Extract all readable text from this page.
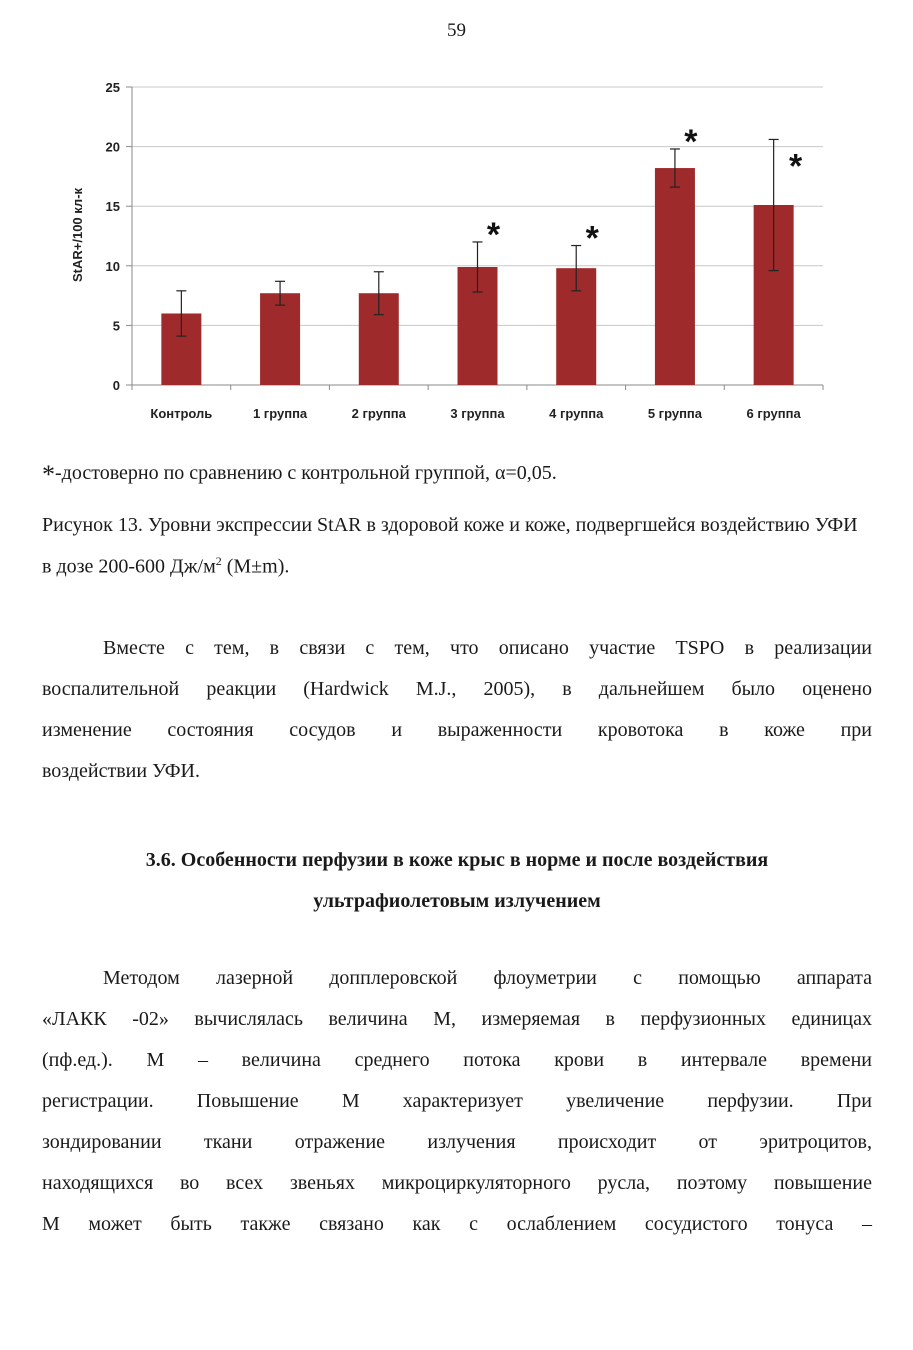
59
0
5
10
15
20
25
Контроль	1 группа	2 группа	3 группа
*
4 группа
*
5 группа
*
6 группа
*
StAR+/100 кл-к
*-достоверно по сравнению с контрольной группой, α=0,05.
Рисунок 13. Уровни экспрессии StAR в здоровой коже и коже, подвергшейся воздействию УФИ в дозе 200-600 $Дж/м^2$ (M±m).
Вместе с тем, в связи с тем, что описано участие TSPO в реализации
воспалительной реакции (Hardwick M.J., 2005), в дальнейшем было оценено
изменение состояния сосудов и выраженности кровотока в коже при
воздействии УФИ.
3.6. Особенности перфузии в коже крыс в норме и после воздействия
ультрафиолетовым излучением
Методом лазерной допплеровской флоуметрии с помощью аппарата
«ЛАКК -02» вычислялась величина М, измеряемая в перфузионных единицах
(пф.ед.). М – величина среднего потока крови в интервале времени
регистрации. Повышение М характеризует увеличение перфузии. При
зондировании ткани отражение излучения происходит от эритроцитов,
находящихся во всех звеньях микроциркуляторного русла, поэтому повышение
М может быть также связано как с ослаблением сосудистого тонуса –
